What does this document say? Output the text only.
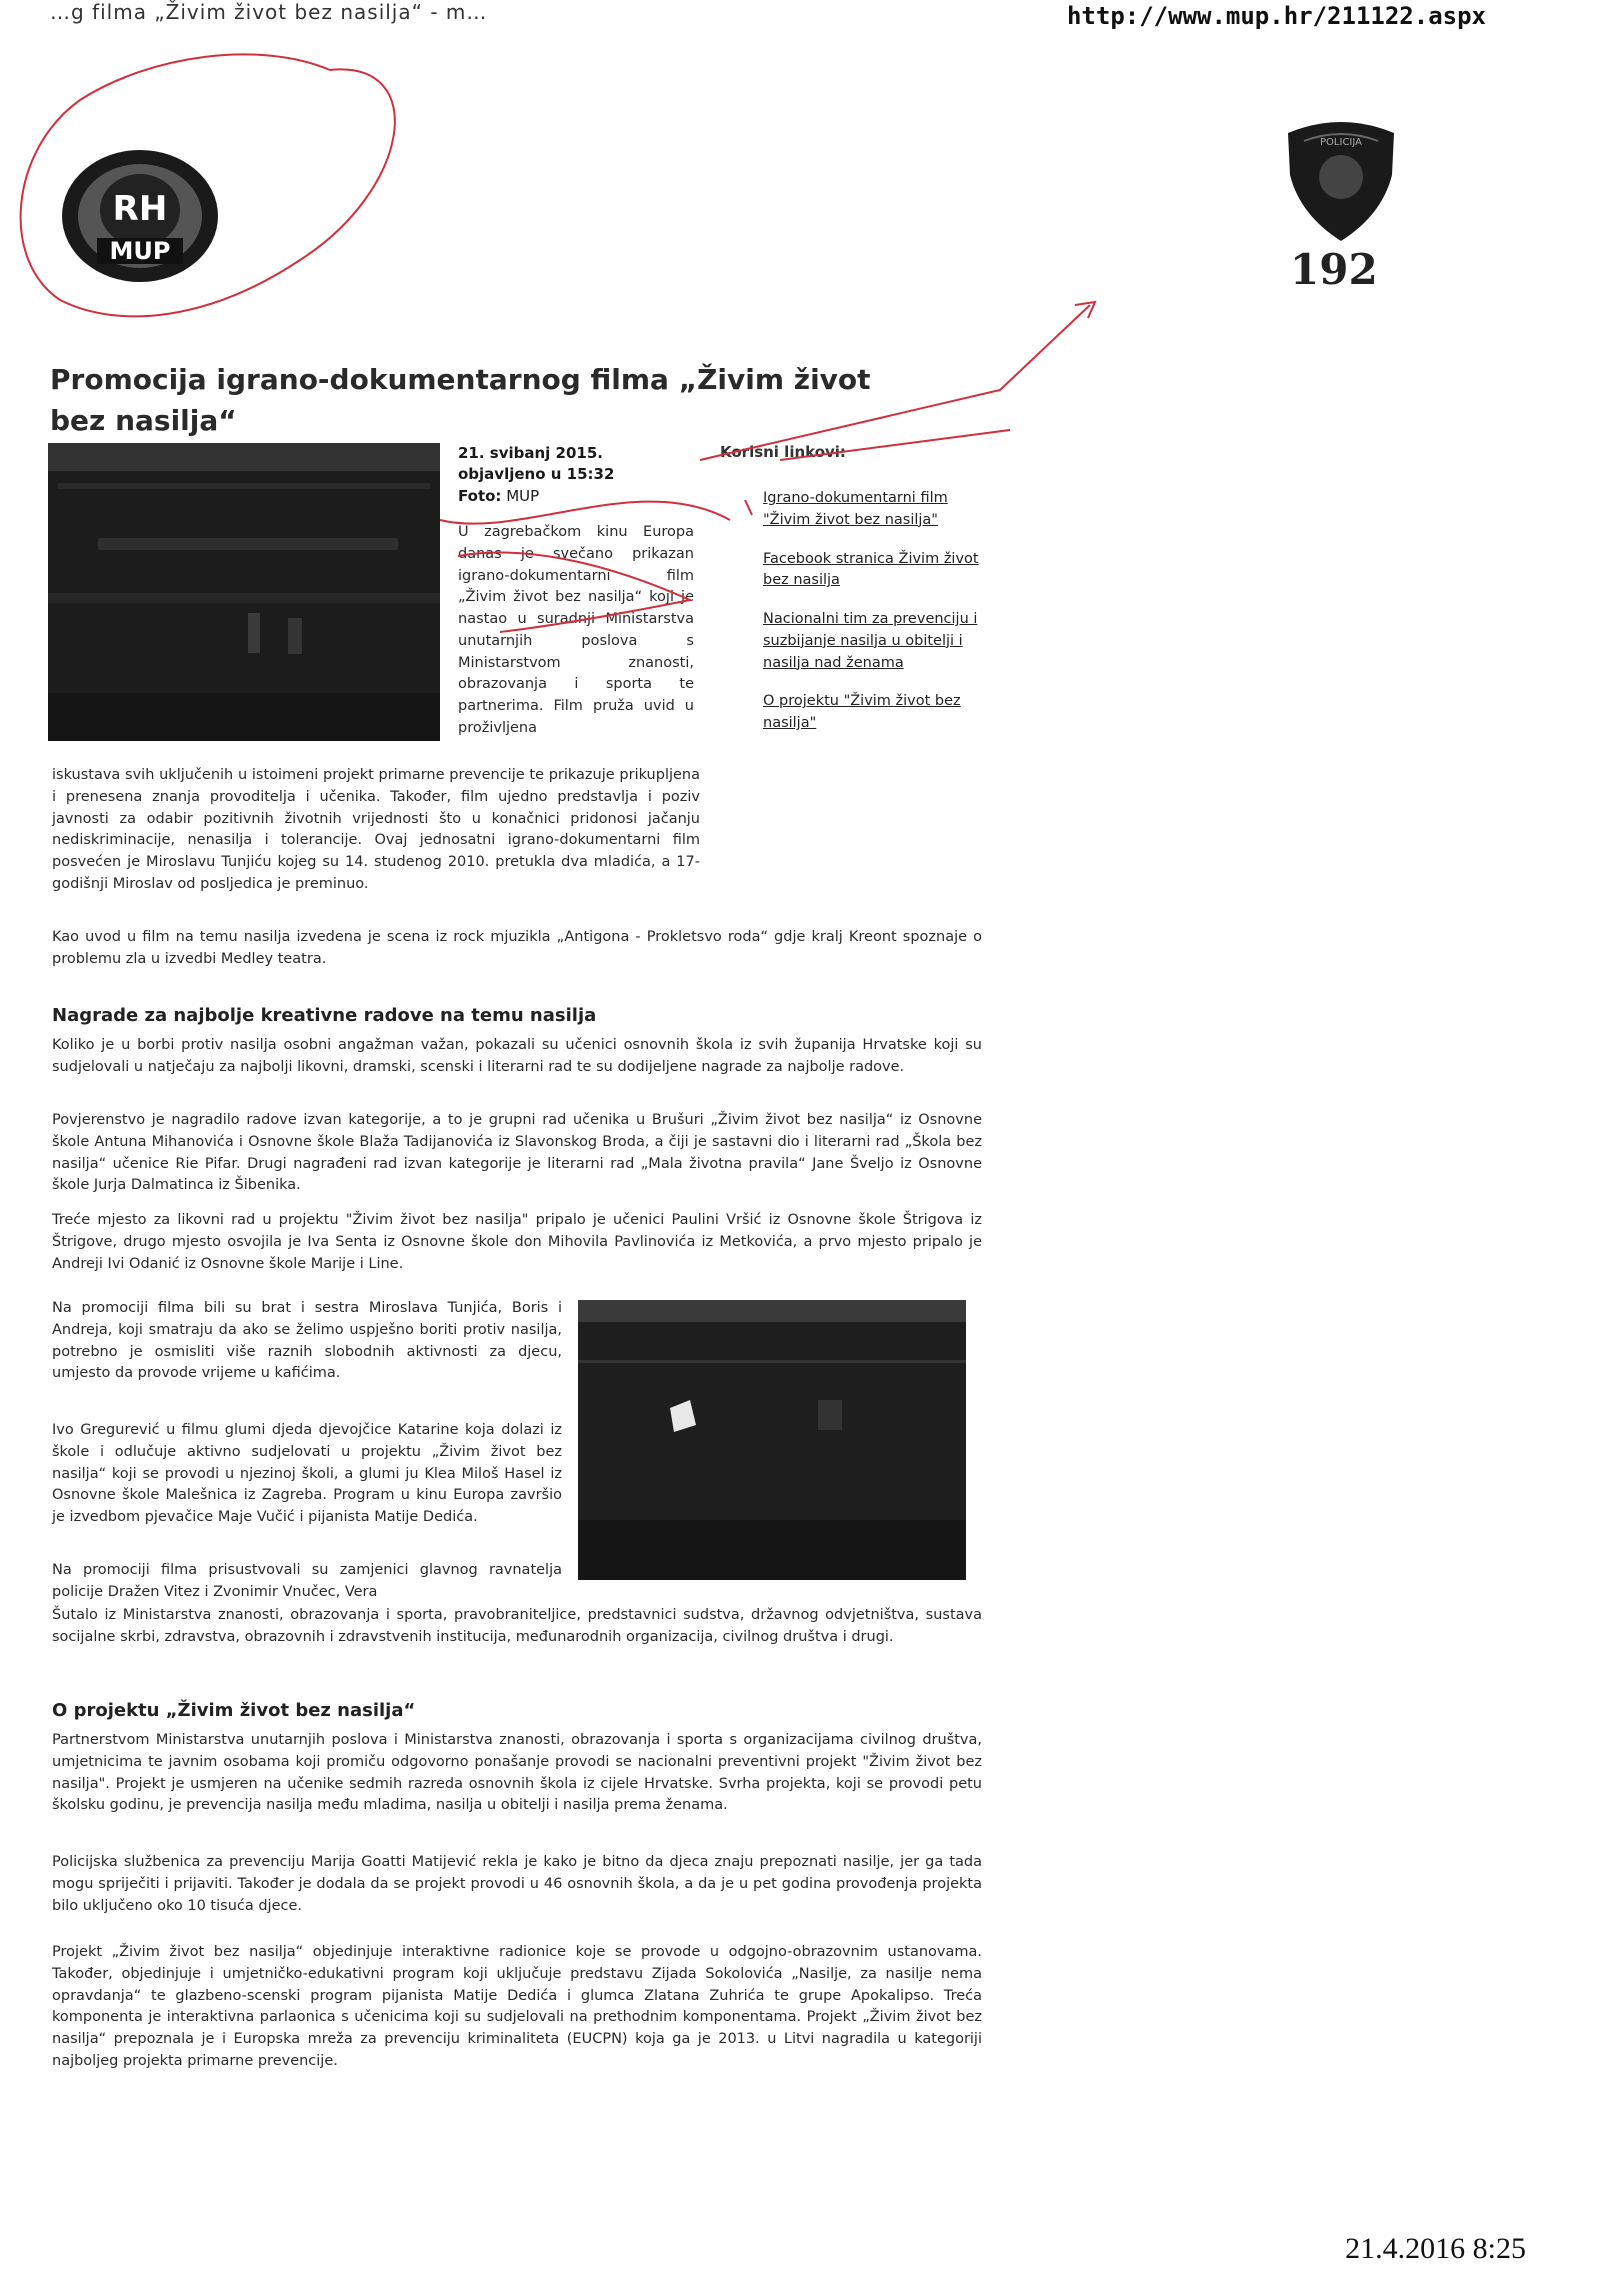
…g filma „Živim život bez nasilja“ - m…	http://www.mup.hr/211122.aspx
RH
MUP
POLICIJA
192
Promocija igrano-dokumentarnog filma „Živim život bez nasilja“
21. svibanj 2015.
objavljeno u 15:32
Foto: MUP
U zagrebačkom kinu Europa danas je svečano prikazan igrano-dokumentarni film „Živim život bez nasilja“ koji je nastao u suradnji Ministarstva unutarnjih poslova s Ministarstvom znanosti, obrazovanja i sporta te partnerima. Film pruža uvid u proživljena
iskustava svih uključenih u istoimeni projekt primarne prevencije te prikazuje prikupljena i prenesena znanja provoditelja i učenika. Također, film ujedno predstavlja i poziv javnosti za odabir pozitivnih životnih vrijednosti što u konačnici pridonosi jačanju nediskriminacije, nenasilja i tolerancije. Ovaj jednosatni igrano-dokumentarni film posvećen je Miroslavu Tunjiću kojeg su 14. studenog 2010. pretukla dva mladića, a 17-godišnji Miroslav od posljedica je preminuo.
Kao uvod u film na temu nasilja izvedena je scena iz rock mjuzikla „Antigona - Prokletsvo roda“ gdje kralj Kreont spoznaje o problemu zla u izvedbi Medley teatra.
Korisni linkovi:
Igrano-dokumentarni film "Živim život bez nasilja"
Facebook stranica Živim život bez nasilja
Nacionalni tim za prevenciju i suzbijanje nasilja u obitelji i nasilja nad ženama
O projektu "Živim život bez nasilja"
Nagrade za najbolje kreativne radove na temu nasilja
Koliko je u borbi protiv nasilja osobni angažman važan, pokazali su učenici osnovnih škola iz svih županija Hrvatske koji su sudjelovali u natječaju za najbolji likovni, dramski, scenski i literarni rad te su dodijeljene nagrade za najbolje radove.
Povjerenstvo je nagradilo radove izvan kategorije, a to je grupni rad učenika u Brušuri „Živim život bez nasilja“ iz Osnovne škole Antuna Mihanovića i Osnovne škole Blaža Tadijanovića iz Slavonskog Broda, a čiji je sastavni dio i literarni rad „Škola bez nasilja“ učenice Rie Pifar. Drugi nagrađeni rad izvan kategorije je literarni rad „Mala životna pravila“ Jane Šveljo iz Osnovne škole Jurja Dalmatinca iz Šibenika.
Treće mjesto za likovni rad u projektu "Živim život bez nasilja" pripalo je učenici Paulini Vršić iz Osnovne škole Štrigova iz Štrigove, drugo mjesto osvojila je Iva Senta iz Osnovne škole don Mihovila Pavlinovića iz Metkovića, a prvo mjesto pripalo je Andreji Ivi Odanić iz Osnovne škole Marije i Line.
Na promociji filma bili su brat i sestra Miroslava Tunjića, Boris i Andreja, koji smatraju da ako se želimo uspješno boriti protiv nasilja, potrebno je osmisliti više raznih slobodnih aktivnosti za djecu, umjesto da provode vrijeme u kafićima.
Ivo Gregurević u filmu glumi djeda djevojčice Katarine koja dolazi iz škole i odlučuje aktivno sudjelovati u projektu „Živim život bez nasilja“ koji se provodi u njezinoj školi, a glumi ju Klea Miloš Hasel iz Osnovne škole Malešnica iz Zagreba. Program u kinu Europa završio je izvedbom pjevačice Maje Vučić i pijanista Matije Dedića.
Na promociji filma prisustvovali su zamjenici glavnog ravnatelja policije Dražen Vitez i Zvonimir Vnučec, Vera
Šutalo iz Ministarstva znanosti, obrazovanja i sporta, pravobraniteljice, predstavnici sudstva, državnog odvjetništva, sustava socijalne skrbi, zdravstva, obrazovnih i zdravstvenih institucija, međunarodnih organizacija, civilnog društva i drugi.
O projektu „Živim život bez nasilja“
Partnerstvom Ministarstva unutarnjih poslova i Ministarstva znanosti, obrazovanja i sporta s organizacijama civilnog društva, umjetnicima te javnim osobama koji promiču odgovorno ponašanje provodi se nacionalni preventivni projekt "Živim život bez nasilja". Projekt je usmjeren na učenike sedmih razreda osnovnih škola iz cijele Hrvatske. Svrha projekta, koji se provodi petu školsku godinu, je prevencija nasilja među mladima, nasilja u obitelji i nasilja prema ženama.
Policijska službenica za prevenciju Marija Goatti Matijević rekla je kako je bitno da djeca znaju prepoznati nasilje, jer ga tada mogu spriječiti i prijaviti. Također je dodala da se projekt provodi u 46 osnovnih škola, a da je u pet godina provođenja projekta bilo uključeno oko 10 tisuća djece.
Projekt „Živim život bez nasilja“ objedinjuje interaktivne radionice koje se provode u odgojno-obrazovnim ustanovama. Također, objedinjuje i umjetničko-edukativni program koji uključuje predstavu Zijada Sokolovića „Nasilje, za nasilje nema opravdanja“ te glazbeno-scenski program pijanista Matije Dedića i glumca Zlatana Zuhrića te grupe Apokalipso. Treća komponenta je interaktivna parlaonica s učenicima koji su sudjelovali na prethodnim komponentama. Projekt „Živim život bez nasilja“ prepoznala je i Europska mreža za prevenciju kriminaliteta (EUCPN) koja ga je 2013. u Litvi nagradila u kategoriji najboljeg projekta primarne prevencije.
21.4.2016 8:25
